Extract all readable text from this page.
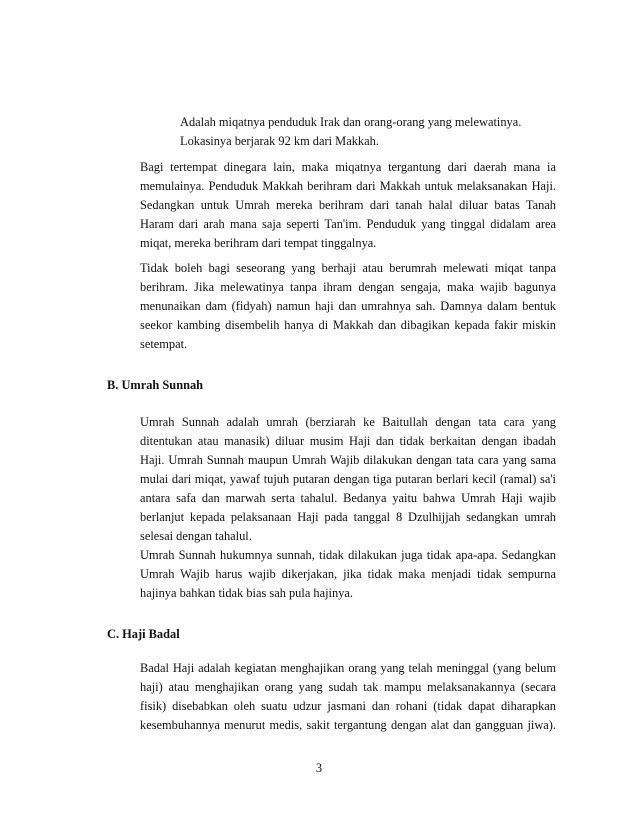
Adalah miqatnya penduduk Irak dan orang-orang yang melewatinya.
Lokasinya berjarak 92 km dari Makkah.
Bagi tertempat dinegara lain, maka miqatnya tergantung dari daerah mana ia
memulainya. Penduduk Makkah berihram dari Makkah untuk melaksanakan Haji.
Sedangkan untuk Umrah mereka berihram dari tanah halal diluar batas Tanah
Haram dari arah mana saja seperti Tan'im. Penduduk yang tinggal didalam area
miqat, mereka berihram dari tempat tinggalnya.
Tidak boleh bagi seseorang yang berhaji atau berumrah melewati miqat tanpa
berihram. Jika melewatinya tanpa ihram dengan sengaja, maka wajib bagunya
menunaikan dam (fidyah) namun haji dan umrahnya sah. Damnya dalam bentuk
seekor kambing disembelih hanya di Makkah dan dibagikan kepada fakir miskin
setempat.
B. Umrah Sunnah
Umrah Sunnah adalah umrah (berziarah ke Baitullah dengan tata cara yang
ditentukan atau manasik) diluar musim Haji dan tidak berkaitan dengan ibadah
Haji. Umrah Sunnah maupun Umrah Wajib dilakukan dengan tata cara yang sama
mulai dari miqat, yawaf tujuh putaran dengan tiga putaran berlari kecil (ramal) sa'i
antara safa dan marwah serta tahalul. Bedanya yaitu bahwa Umrah Haji wajib
berlanjut kepada pelaksanaan Haji pada tanggal 8 Dzulhijjah sedangkan umrah
selesai dengan tahalul.
Umrah Sunnah hukumnya sunnah, tidak dilakukan juga tidak apa-apa. Sedangkan
Umrah Wajib harus wajib dikerjakan, jika tidak maka menjadi tidak sempurna
hajinya bahkan tidak bias sah pula hajinya.
C. Haji Badal
Badal Haji adalah kegiatan menghajikan orang yang telah meninggal (yang belum
haji) atau menghajikan orang yang sudah tak mampu melaksanakannya (secara
fisik) disebabkan oleh suatu udzur jasmani dan rohani (tidak dapat diharapkan
kesembuhannya menurut medis, sakit tergantung dengan alat dan gangguan jiwa).
3
